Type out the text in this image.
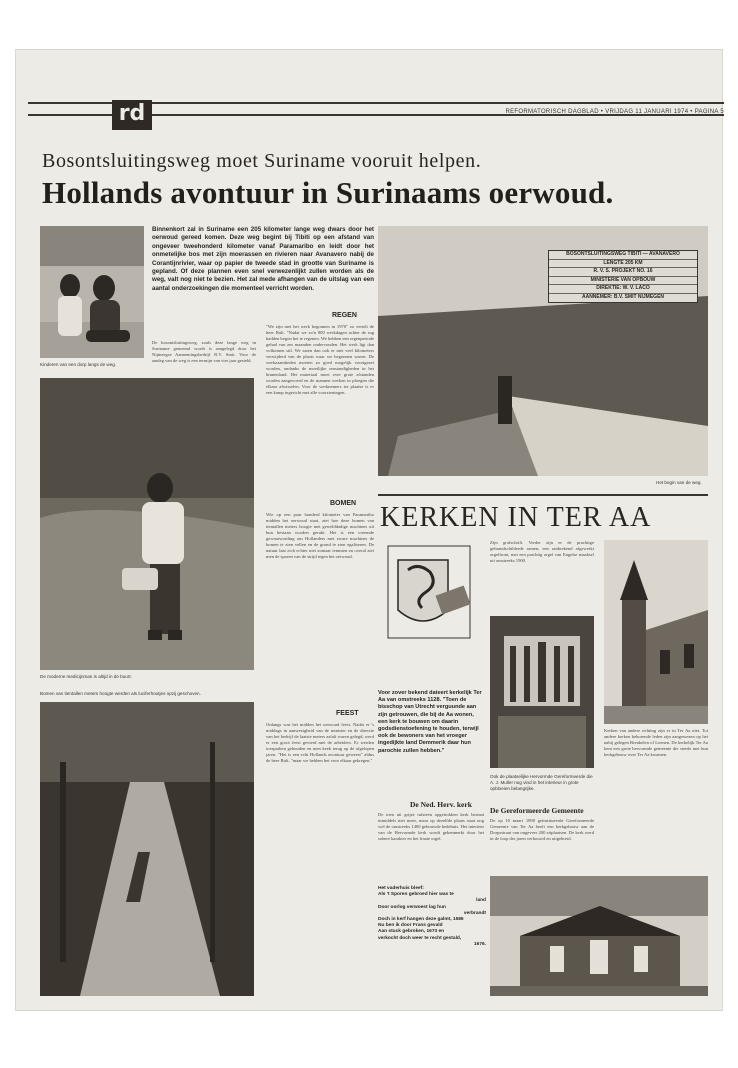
rd	REFORMATORISCH DAGBLAD • VRIJDAG 11 JANUARI 1974 • PAGINA 5
Bosontsluitingsweg moet Suriname vooruit helpen.
Hollands avontuur in Surinaams oerwoud.
Kinderen van een dorp langs de weg.
Binnenkort zal in Suriname een 205 kilometer lange weg dwars door het oerwoud gereed komen. Deze weg begint bij Tibiti op een afstand van ongeveer tweehonderd kilometer vanaf Paramaribo en leidt door het onmetelijke bos met zijn moerassen en rivieren naar Avanavero nabij de Corantijnrivier, waar op papier de tweede stad in grootte van Suriname is gepland. Of deze plannen even snel verwezenlijkt zullen worden als de weg, valt nog niet te bezien. Het zal mede afhangen van de uitslag van een aantal onderzoekingen die momenteel verricht worden.
De bosontsluitingsweg, zoals deze lange weg in Suriname genoemd wordt is aangelegd door het Nijmeegse Aannemingsbedrijf B.V. Smit. Voor de aanleg van de weg is een termijn van vier jaar gesteld.
De moderne medicijnman is altijd in de buurt.
Bomen van tientallen meters hoogte werden als luciferhoutjes opzij geschoven.
BOSONTSLUITINGSWEG TIBITI — AVANAVERO
LENGTE 205 KM
R. V. S. PROJEKT NO. 16
MINISTERIE VAN OPBOUW
DIREKTIE: W. V. LACO
AANNEMER: B.V. SMIT NIJMEGEN
Het begin van de weg.
REGEN
"We zijn met het werk begonnen in 1970" zo vertelt de heer Bult. "Nadat we zo'n 800 werkdagen achter de rug hadden begon het te regenen. We hebben een regenperiode gehad van zes maanden ondervonden. Het werk ligt dan volkomen stil. We zaten dan ook er niet veel kilometers verwijderd van de plaats waar we begonnen waren. De werkzaamheden moeten zo goed mogelijk voortgezet worden, ondanks de moeilijke omstandigheden in het binnenland. Het materiaal moet over grote afstanden worden aangevoerd en de mannen werken in ploegen die elkaar afwisselen. Voor de werknemers ter plaatse is er een kamp ingericht met alle voorzieningen.
BOMEN
Wie op een paar honderd kilometer van Paramaribo midden het oerwoud staat, ziet hoe deze bomen van tientallen meters hoogte met gewelddadige machines uit hun bestaan worden gerukt. Het is een vreemde gewaarwording om Hollanders met zware machines de bomen te zien vellen en de grond te zien egaliseren. De natuur laat zich echter niet zomaar temmen en overal ziet men de sporen van de strijd tegen het oerwoud.
FEEST
Onlangs was het midden het oerwoud feest. Nadat er 's middags in aanwezigheid van de minister en de directie van het bedrijf de laatste meters asfalt waren gelegd, werd er een groot feest gevierd met de arbeiders. Er werden toespraken gehouden en men keek terug op de afgelopen jaren. "Het is een echt Hollands avontuur geweest" aldus de heer Bult, "maar we hebben het voor elkaar gekregen."
KERKEN IN TER AA
Voor zover bekend dateert kerkelijk Ter Aa van omstreeks 1128. "Toen de bisschop van Utrecht verguunde aan zijn getrouwen, die bij de Aa wonen, een kerk te bouwen om daarin godsdienstoefening te houden, terwijl ook de bewoners van het vroeger ingedijkte land Demmerik daar hun parochie zullen hebben."
De Ned. Herv. kerk
De toen uit grijze tufsteen opgetrokken kerk bestaat inmiddels niet meer, maar op dezelfde plaats staat nog wel de omstreeks 1400 gebouwde bedehuis. Het interieur van de Hervormde kerk wordt gekenmerkt door het sobere karakter en het fraaie orgel.
Het vaderhuis bleef:
Als 't Sporen gebroed hier was te
land
Door oorlog verwoest lag hun
verbrandt
Doch in kerf hangen deze galmt, 1586
Nu ben ik door Frans gevald
Aan stuck gebroken, 1673 en
verkocht doch weer te recht gestald,
1676.
Zijn grafschrift. Verder zijn er de prachtige gebrandschilderde ramen, een ontbrekend afgewerkt orgelfront, met een prachtig orgel van Engelse maaksel uit omstreeks 1900.
Ook de plaatselijke Hervormde Gereformeerde die A. J. Muller nog vind in het interieur in grote opbloeien belangrijke.
De Gereformeerde Gemeente
De op 10 maart 1890 geïnstitueerde Gereformeerde Gemeente van Ter Aa heeft een kerkgebouw aan de Dorpsstraat van ongeveer 200 zitplaatsen. De kerk werd in de loop der jaren verbouwd en uitgebreid.
Kerken van andere richting zijn er in Ter Aa niet. Tot andere kerken behorende leden zijn aangewezen op het nabij gelegen Breukelen of Loenen. De kerkelijk Ter Aa kent een grote hervormde gemeente die steeds met hun kerkgebouw over Ter Aa kwamen.
